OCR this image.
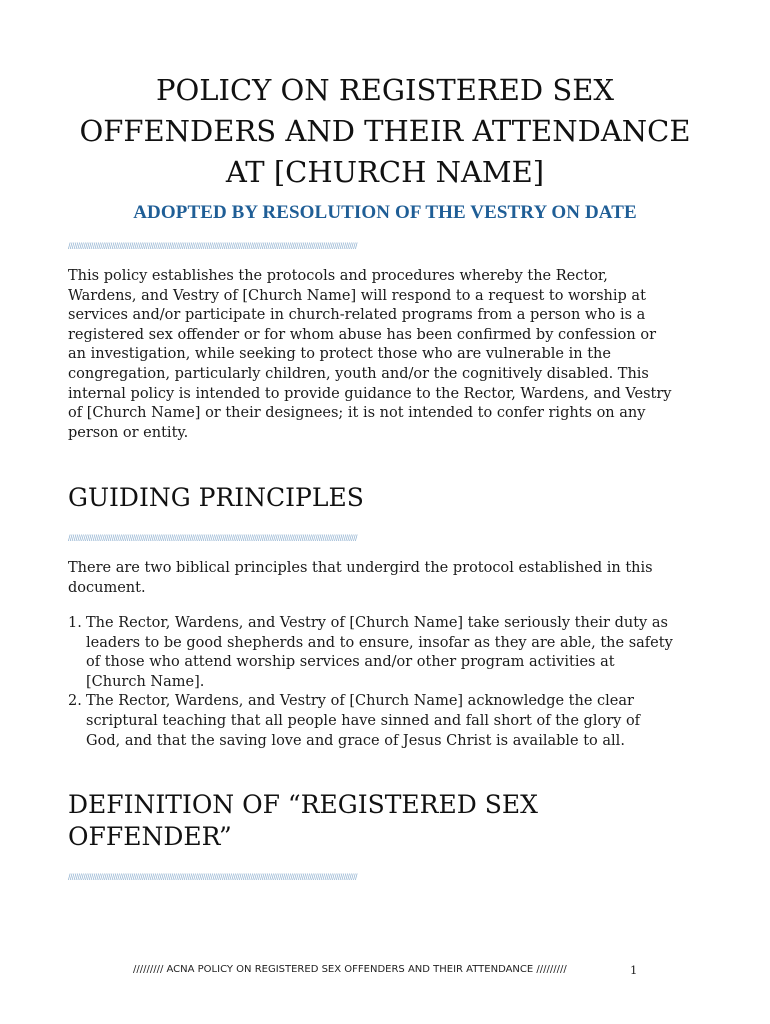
POLICY ON REGISTERED SEX
OFFENDERS AND THEIR ATTENDANCE
AT [CHURCH NAME]
ADOPTED BY RESOLUTION OF THE VESTRY ON DATE
////////////////////////////////////////////////////////////////////////////////////////////////////////////////////////////////////////////////////////

This policy establishes the protocols and procedures whereby the Rector,
Wardens, and Vestry of [Church Name] will respond to a request to worship at
services and/or participate in church-related programs from a person who is a
registered sex offender or for whom abuse has been confirmed by confession or
an investigation, while seeking to protect those who are vulnerable in the
congregation, particularly children, youth and/or the cognitively disabled. This
internal policy is intended to provide guidance to the Rector, Wardens, and Vestry
of [Church Name] or their designees; it is not intended to confer rights on any
person or entity.

GUIDING PRINCIPLES
////////////////////////////////////////////////////////////////////////////////////////////////////////////////////////////////////////////////////////

There are two biblical principles that undergird the protocol established in this
document.

1. The Rector, Wardens, and Vestry of [Church Name] take seriously their duty as
leaders to be good shepherds and to ensure, insofar as they are able, the safety
of those who attend worship services and/or other program activities at
[Church Name].
2. The Rector, Wardens, and Vestry of [Church Name] acknowledge the clear
scriptural teaching that all people have sinned and fall short of the glory of
God, and that the saving love and grace of Jesus Christ is available to all.
DEFINITION OF “REGISTERED SEX
OFFENDER”
////////////////////////////////////////////////////////////////////////////////////////////////////////////////////////////////////////////////////////
///////// ACNA POLICY ON REGISTERED SEX OFFENDERS AND THEIR ATTENDANCE /////////	1
